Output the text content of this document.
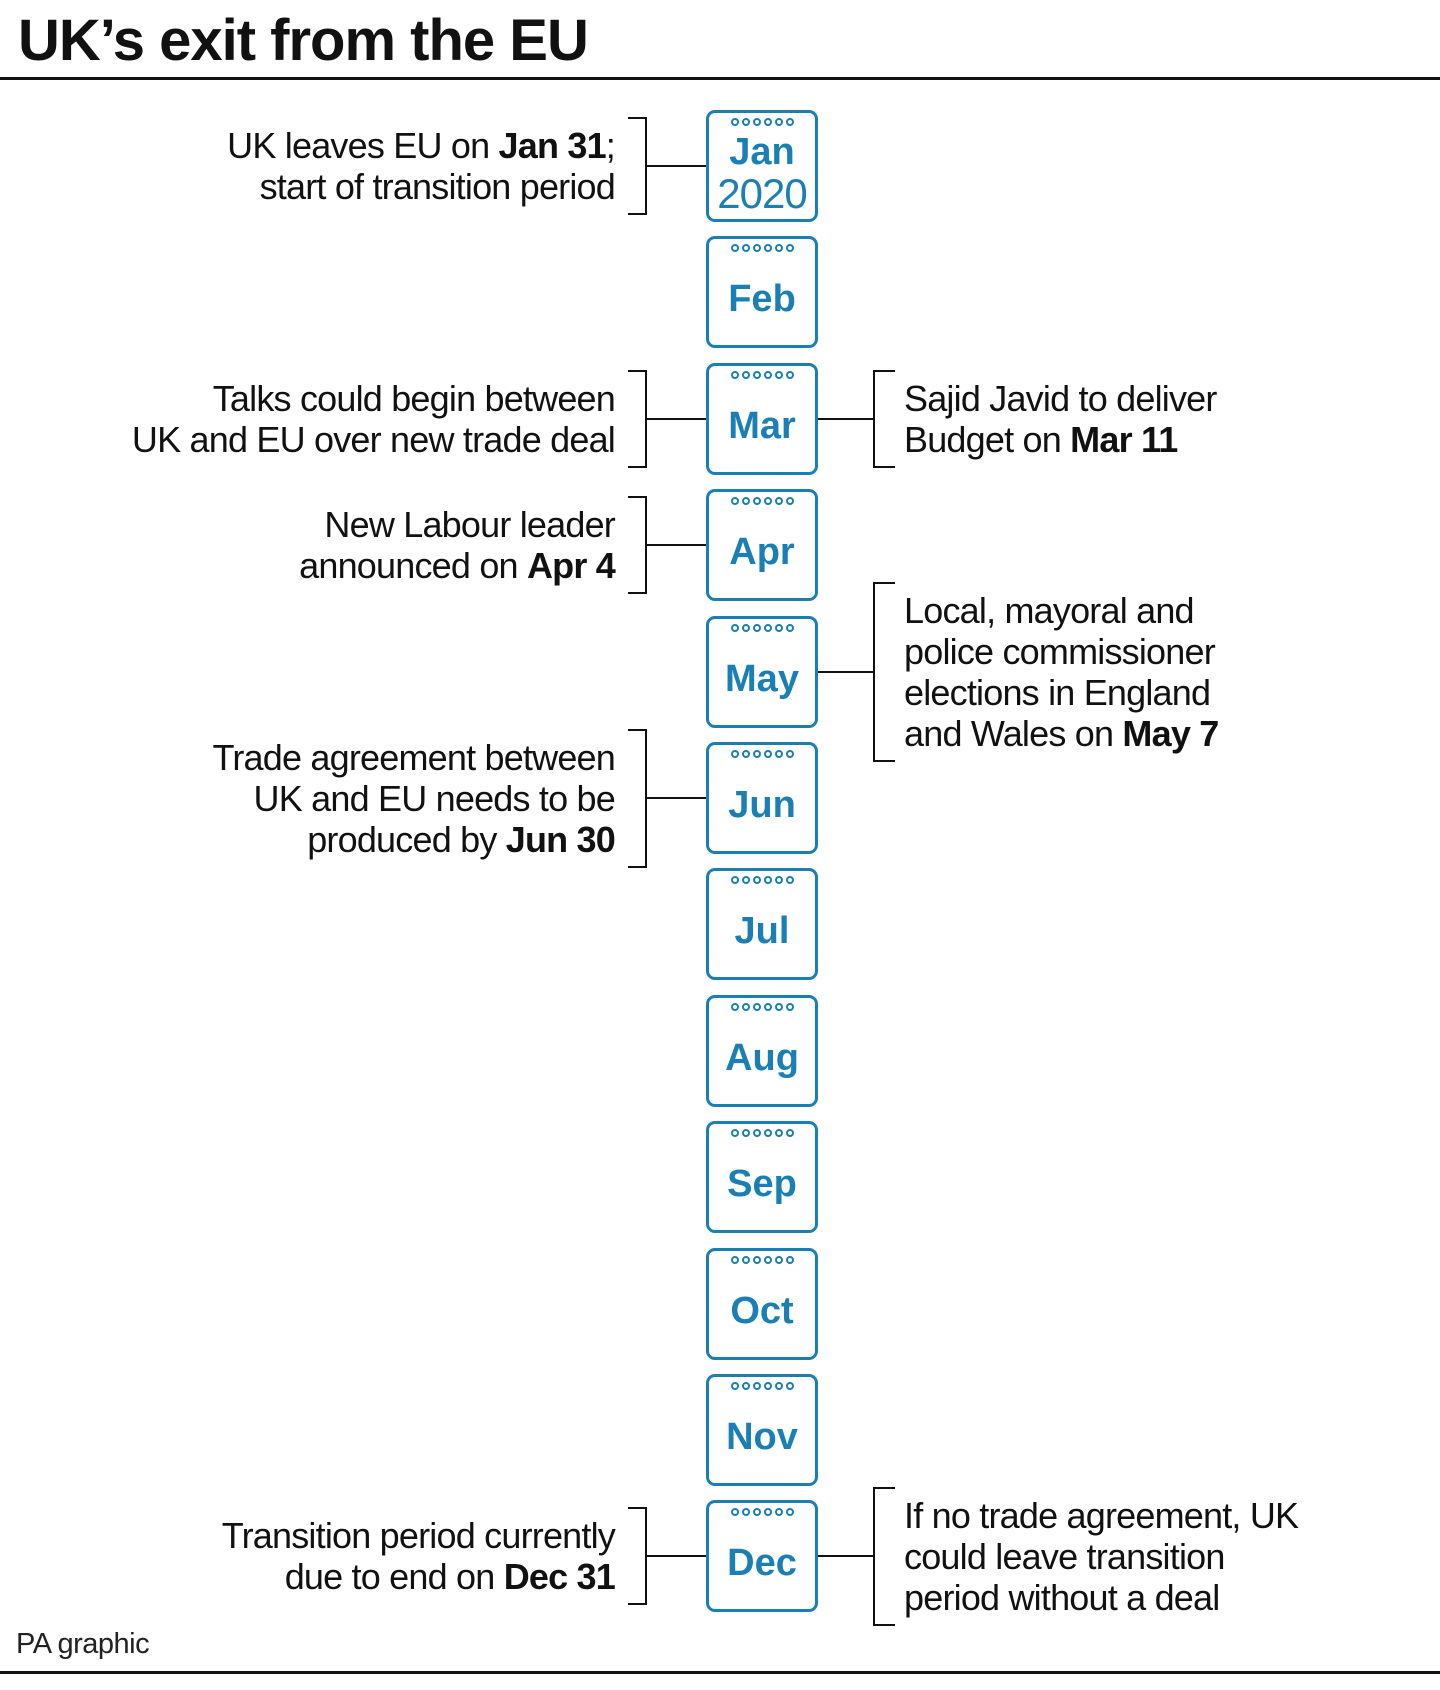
UK’s exit from the EU
Jan
2020
Feb
Mar
Apr
May
Jun
Jul
Aug
Sep
Oct
Nov
Dec
UK leaves EU on Jan 31;
start of transition period
Talks could begin between
UK and EU over new trade deal
Sajid Javid to deliver
Budget on Mar 11
New Labour leader
announced on Apr 4
Local, mayoral and
police commissioner
elections in England
and Wales on May 7
Trade agreement between
UK and EU needs to be
produced by Jun 30
Transition period currently
due to end on Dec 31
If no trade agreement, UK
could leave transition
period without a deal
PA graphic
